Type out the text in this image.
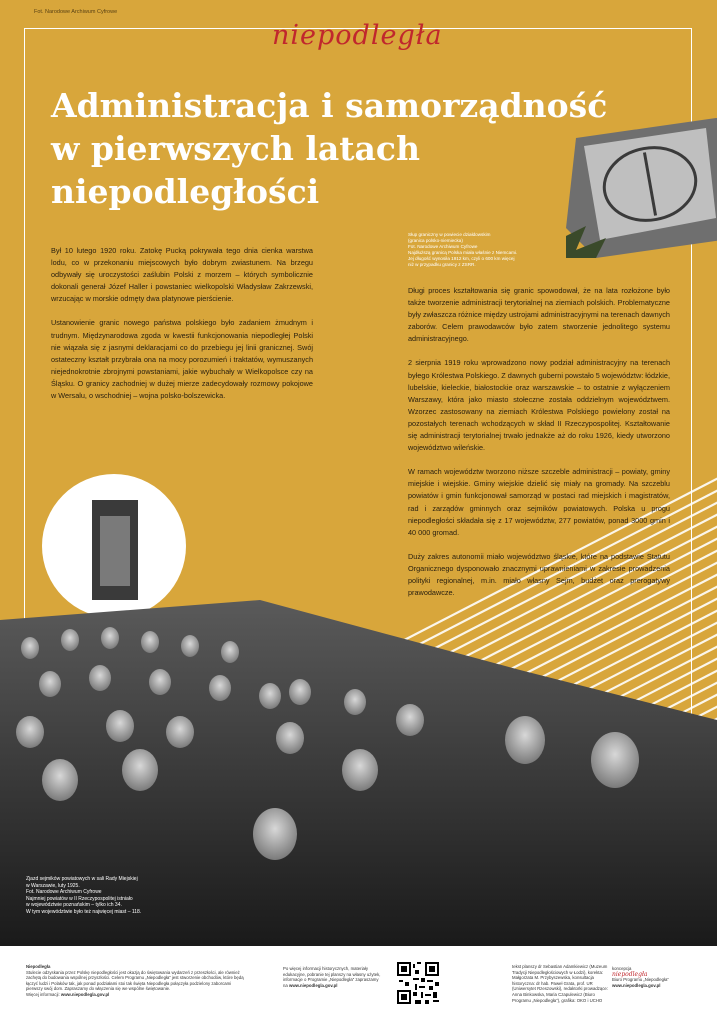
Fot. Narodowe Archiwum Cyfrowe
niepodległa
Administracja i samorządność
w pierwszych latach
niepodległości
Słup graniczny w powiecie działdowskim
(granica polsko-niemiecka)
Fot. Narodowe Archiwum Cyfrowe
Najdłuższą granicą Polska miała właśnie z Niemcami.
Jej długość wynosiła 1912 km, czyli o 600 km więcej
niż w przypadku granicy z ZSRR.

Był 10 lutego 1920 roku. Zatokę Pucką pokrywała tego dnia cienka warstwa lodu, co w przekonaniu miejscowych było dobrym zwiastunem. Na brzegu odbywały się uroczystości zaślubin Polski z morzem – których symbolicznie dokonali generał Józef Haller i powstaniec wielkopolski Władysław Zakrzewski, wrzucając w morskie odmęty dwa platynowe pierścienie.

Ustanowienie granic nowego państwa polskiego było zadaniem żmudnym i trudnym. Międzynarodowa zgoda w kwestii funkcjonowania niepodległej Polski nie wiązała się z jasnymi deklaracjami co do przebiegu jej linii granicznej. Swój ostateczny kształt przybrała ona na mocy porozumień i traktatów, wymuszanych niejednokrotnie zbrojnymi powstaniami, jakie wybuchały w Wielkopolsce czy na Śląsku. O granicy zachodniej w dużej mierze zadecydowały rozmowy pokojowe w Wersalu, o wschodniej – wojna polsko-bolszewicka.

Długi proces kształtowania się granic spowodował, że na lata rozłożone było także tworzenie administracji terytorialnej na ziemiach polskich. Problematyczne były zwłaszcza różnice między ustrojami administracyjnymi na terenach dawnych zaborów. Celem prawodawców było zatem stworzenie jednolitego systemu administracyjnego.

2 sierpnia 1919 roku wprowadzono nowy podział administracyjny na terenach byłego Królestwa Polskiego. Z dawnych guberni powstało 5 województw: łódzkie, lubelskie, kieleckie, białostockie oraz warszawskie – to ostatnie z wyłączeniem Warszawy, która jako miasto stołeczne została oddzielnym województwem. Wzorzec zastosowany na ziemiach Królestwa Polskiego powielony został na pozostałych terenach wchodzących w skład II Rzeczypospolitej. Kształtowanie się administracji terytorialnej trwało jednakże aż do roku 1926, kiedy utworzono województwo wileńskie.

W ramach województw tworzono niższe szczeble administracji – powiaty, gminy miejskie i wiejskie. Gminy wiejskie dzielić się miały na gromady. Na szczeblu powiatów i gmin funkcjonował samorząd w postaci rad miejskich i magistratów, rad i zarządów gminnych oraz sejmików powiatowych. Polska u progu niepodległości składała się z 17 województw, 277 powiatów, ponad 3000 gmin i 40 000 gromad.

Duży zakres autonomii miało województwo śląskie, które na podstawie Statutu Organicznego dysponowało znacznymi uprawnieniami w zakresie prowadzenia polityki regionalnej, m.in. miało własny Sejm, budżet oraz prerogatywy prawodawcze.

Zjazd sejmików powiatowych w sali Rady Miejskiej
w Warszawie, luty 1925.
Fot. Narodowe Archiwum Cyfrowe
Najmniej powiatów w II Rzeczypospolitej istniało
w województwie poznańskim – tylko ich 34.
W tym województwie było też najwięcej miast – 118.
Niepodległa
Stulecie odzyskania przez Polskę niepodległości jest okazją do świętowania wydarzeń z przeszłości, ale również zachętą do budowania wspólnej przyszłości. Celem Programu „Niepodległa” jest stworzenie obchodów, które będą łączyć ludzi i Polaków tak, jak ponad podziałami stoi tak święta Niepodległa połączyła podzielony zaborcami pierwszy swój dom. Zapraszamy do włączenia się we wspólne świętowanie.
Więcej informacji: www.niepodlegla.gov.pl
Po więcej informacji historycznych, materiały edukacyjne, pobranie tej planszy na własny użytek, informacje o Programie „Niepodległa” zapraszamy na www.niepodlegla.gov.pl
tekst planszy dr Sebastian Adamkiewicz (Muzeum Tradycji Niepodległościowych w Łodzi), korekta: Małgorzata M. Przybyszewska, konsultacja historyczna: dr hab. Paweł Grata, prof. UR (Uniwersytet Rzeszowski), redaktorki prowadzące: Anna Binkowska, Maria Czapulewicz (Biuro Programu „Niepodległa”), grafika: OKO i UCHO
koncepcja
niepodległa
Biuro Programu „Niepodległa”
www.niepodlegla.gov.pl
